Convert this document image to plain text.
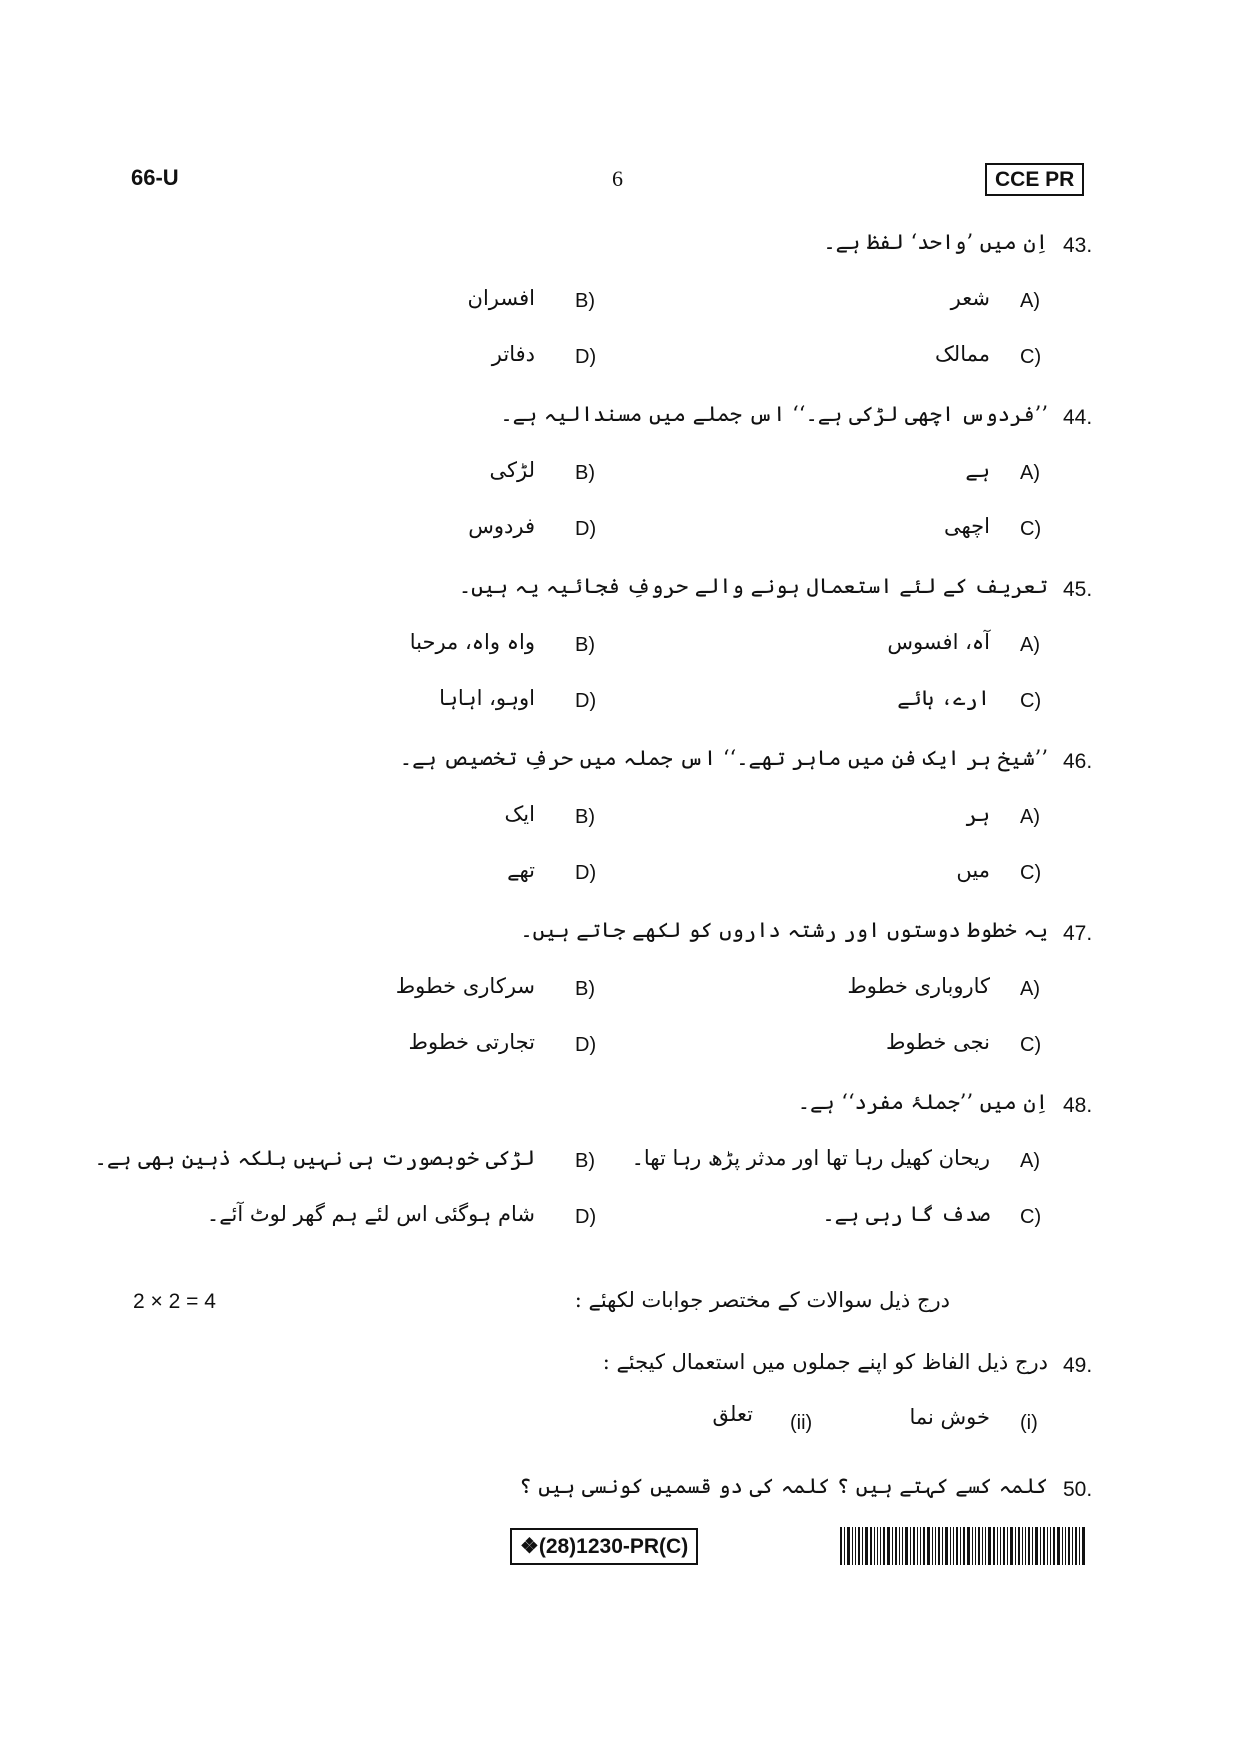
66-U	6	CCE PR
43.
اِن میں ’واحد‘ لفظ ہے۔
A)
شعر
B)
افسران
C)
ممالک
D)
دفاتر
44.
’’فردوس اچھی لڑکی ہے۔‘‘ اس جملے میں مسندالیہ ہے۔
A)
ہے
B)
لڑکی
C)
اچھی
D)
فردوس
45.
تعریف کے لئے استعمال ہونے والے حروفِ فجائیہ یہ ہیں۔
A)
آہ، افسوس
B)
واہ واہ، مرحبا
C)
ارے، ہائے
D)
اوہو، اہاہا
46.
’’شیخ ہر ایک فن میں ماہر تھے۔‘‘ اس جملہ میں حرفِ تخصیص ہے۔
A)
ہر
B)
ایک
C)
میں
D)
تھے
47.
یہ خطوط دوستوں اور رشتہ داروں کو لکھے جاتے ہیں۔
A)
کاروباری خطوط
B)
سرکاری خطوط
C)
نجی خطوط
D)
تجارتی خطوط
48.
اِن میں ’’جملۂ مفرد‘‘ ہے۔
A)
ریحان کھیل رہا تھا اور مدثر پڑھ رہا تھا۔
B)
لڑکی خوبصورت ہی نہیں بلکہ ذہین بھی ہے۔
C)
صدف گا رہی ہے۔
D)
شام ہوگئی اس لئے ہم گھر لوٹ آئے۔
درج ذیل سوالات کے مختصر جوابات لکھئے :
2 × 2 = 4
49.
درج ذیل الفاظ کو اپنے جملوں میں استعمال کیجئے :
(i)
خوش نما
(ii)
تعلق
50.
کلمہ کسے کہتے ہیں ؟ کلمہ کی دو قسمیں کونسی ہیں ؟
❖(28)1230-PR(C)
